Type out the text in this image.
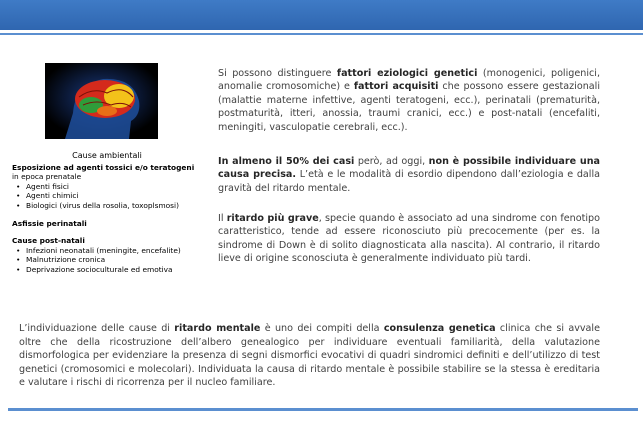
Cause ambientali
Esposizione ad agenti tossici e/o teratogeni
in epoca prenatale
• Agenti fisici
• Agenti chimici
• Biologici (virus della rosolia, toxoplsmosi)
Asfissie perinatali
Cause post-natali
• Infezioni neonatali (meningite, encefalite)
• Malnutrizione cronica
• Deprivazione socioculturale ed emotiva
Si possono distinguere fattori eziologici genetici (monogenici, poligenici, anomalie cromosomiche) e fattori acquisiti che possono essere gestazionali (malattie materne infettive, agenti teratogeni, ecc.), perinatali (prematurità, postmaturità, itteri, anossia, traumi cranici, ecc.) e post-natali (encefaliti, meningiti, vasculopatie cerebrali, ecc.).
In almeno il 50% dei casi però, ad oggi, non è possibile individuare una causa precisa. L’età e le modalità di esordio dipendono dall’eziologia e dalla gravità del ritardo mentale.
Il ritardo più grave, specie quando è associato ad una sindrome con fenotipo caratteristico, tende ad essere riconosciuto più precocemente (per es. la sindrome di Down è di solito diagnosticata alla nascita). Al contrario, il ritardo lieve di origine sconosciuta è generalmente individuato più tardi.
L’individuazione delle cause di ritardo mentale è uno dei compiti della consulenza genetica clinica che si avvale oltre che della ricostruzione dell’albero genealogico per individuare eventuali familiarità, della valutazione dismorfologica per evidenziare la presenza di segni dismorfici evocativi di quadri sindromici definiti e dell’utilizzo di test genetici (cromosomici e molecolari). Individuata la causa di ritardo mentale è possibile stabilire se la stessa è ereditaria e valutare i rischi di ricorrenza per il nucleo familiare.
